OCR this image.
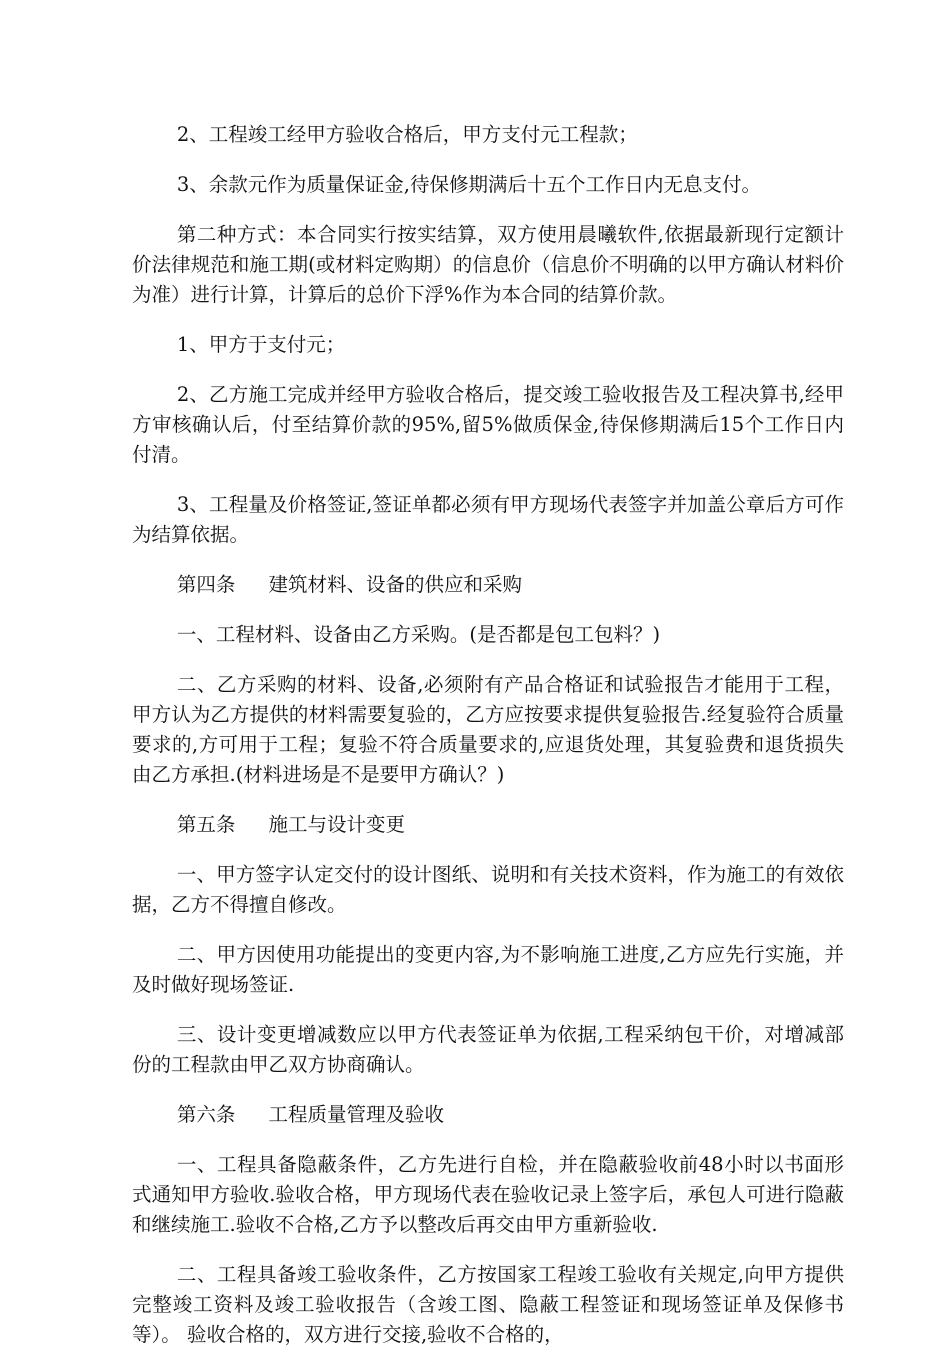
2、工程竣工经甲方验收合格后，甲方支付元工程款；

3、余款元作为质量保证金,待保修期满后十五个工作日内无息支付。

第二种方式：本合同实行按实结算，双方使用晨曦软件,依据最新现行定额计价法律规范和施工期(或材料定购期）的信息价（信息价不明确的以甲方确认材料价为准）进行计算，计算后的总价下浮%作为本合同的结算价款。

1、甲方于支付元；

2、乙方施工完成并经甲方验收合格后，提交竣工验收报告及工程决算书,经甲方审核确认后，付至结算价款的95%,留5%做质保金,待保修期满后15个工作日内付清。

3、工程量及价格签证,签证单都必须有甲方现场代表签字并加盖公章后方可作为结算依据。

第四条 建筑材料、设备的供应和采购

一、工程材料、设备由乙方采购。(是否都是包工包料？)

二、乙方采购的材料、设备,必须附有产品合格证和试验报告才能用于工程，甲方认为乙方提供的材料需要复验的，乙方应按要求提供复验报告.经复验符合质量要求的,方可用于工程；复验不符合质量要求的,应退货处理，其复验费和退货损失由乙方承担.(材料进场是不是要甲方确认？)

第五条 施工与设计变更

一、甲方签字认定交付的设计图纸、说明和有关技术资料，作为施工的有效依据，乙方不得擅自修改。

二、甲方因使用功能提出的变更内容,为不影响施工进度,乙方应先行实施，并及时做好现场签证.

三、设计变更增减数应以甲方代表签证单为依据,工程采纳包干价，对增减部份的工程款由甲乙双方协商确认。

第六条 工程质量管理及验收

一、工程具备隐蔽条件，乙方先进行自检，并在隐蔽验收前48小时以书面形式通知甲方验收.验收合格，甲方现场代表在验收记录上签字后，承包人可进行隐蔽和继续施工.验收不合格,乙方予以整改后再交由甲方重新验收.

二、工程具备竣工验收条件，乙方按国家工程竣工验收有关规定,向甲方提供完整竣工资料及竣工验收报告（含竣工图、隐蔽工程签证和现场签证单及保修书等）。 验收合格的，双方进行交接,验收不合格的，
